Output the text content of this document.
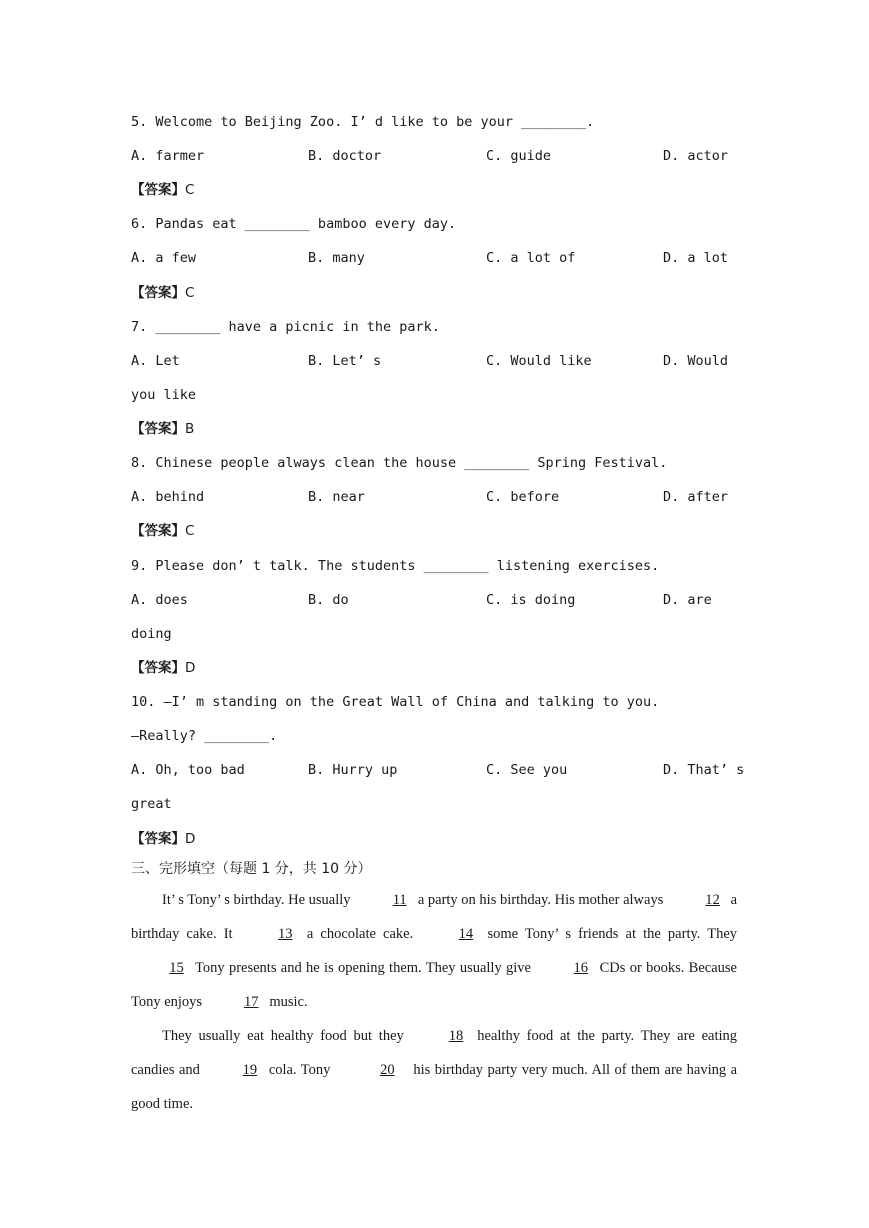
5. Welcome to Beijing Zoo. I’ d like to be your ________.
A. farmer	B. doctor	C. guide	D. actor
【答案】C
6. Pandas eat ________ bamboo every day.
A. a few	B. many	C. a lot of	D. a lot
【答案】C
7. ________ have a picnic in the park.
A. Let	B. Let’ s	C. Would like	D. Would
you like
【答案】B
8. Chinese people always clean the house ________ Spring Festival.
A. behind	B. near	C. before	D. after
【答案】C
9. Please don’ t talk. The students ________ listening exercises.
A. does	B. do	C. is doing	D. are
doing
【答案】D
10. —I’ m standing on the Great Wall of China and talking to you.
—Really? ________.
A. Oh, too bad	B. Hurry up	C. See you	D. That’ s
great
【答案】D
三、完形填空（每题 1 分，共 10 分）
It’ s Tony’ s birthday. He usually	11 a party on his birthday. His mother always	12 a birthday cake. It	13 a chocolate cake.	14 some Tony’ s friends at the party. They 15 Tony presents and he is opening them. They usually give	16 CDs or books. Because Tony enjoys	17 music.
They usually eat healthy food but they	18 healthy food at the party. They are eating candies and	19 cola. Tony	20 his birthday party very much. All of them are having a good time.
